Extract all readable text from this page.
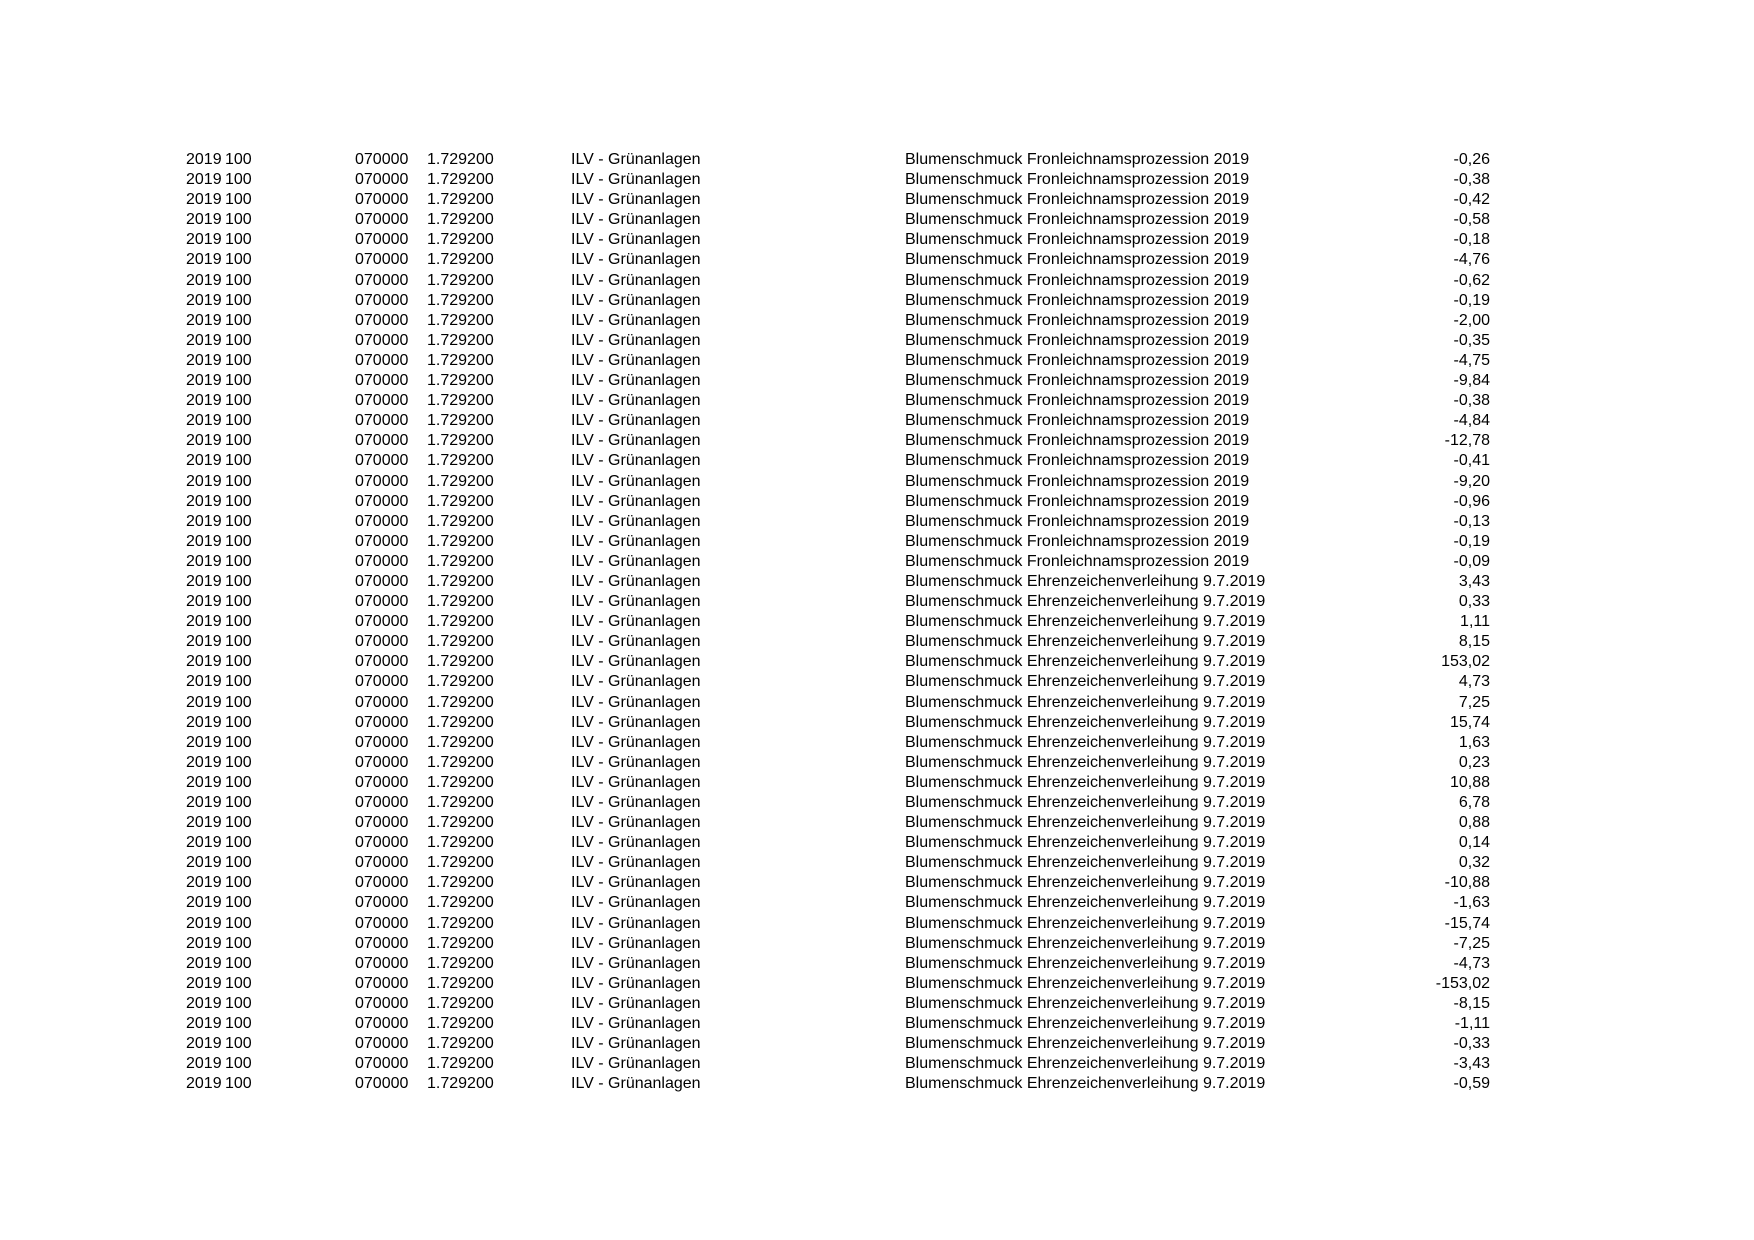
2019 100	070000 1.729200	ILV - Grünanlagen	Blumenschmuck Fronleichnamsprozession 2019	-0,26
2019 100	070000 1.729200	ILV - Grünanlagen	Blumenschmuck Fronleichnamsprozession 2019	-0,38
2019 100	070000 1.729200	ILV - Grünanlagen	Blumenschmuck Fronleichnamsprozession 2019	-0,42
2019 100	070000 1.729200	ILV - Grünanlagen	Blumenschmuck Fronleichnamsprozession 2019	-0,58
2019 100	070000 1.729200	ILV - Grünanlagen	Blumenschmuck Fronleichnamsprozession 2019	-0,18
2019 100	070000 1.729200	ILV - Grünanlagen	Blumenschmuck Fronleichnamsprozession 2019	-4,76
2019 100	070000 1.729200	ILV - Grünanlagen	Blumenschmuck Fronleichnamsprozession 2019	-0,62
2019 100	070000 1.729200	ILV - Grünanlagen	Blumenschmuck Fronleichnamsprozession 2019	-0,19
2019 100	070000 1.729200	ILV - Grünanlagen	Blumenschmuck Fronleichnamsprozession 2019	-2,00
2019 100	070000 1.729200	ILV - Grünanlagen	Blumenschmuck Fronleichnamsprozession 2019	-0,35
2019 100	070000 1.729200	ILV - Grünanlagen	Blumenschmuck Fronleichnamsprozession 2019	-4,75
2019 100	070000 1.729200	ILV - Grünanlagen	Blumenschmuck Fronleichnamsprozession 2019	-9,84
2019 100	070000 1.729200	ILV - Grünanlagen	Blumenschmuck Fronleichnamsprozession 2019	-0,38
2019 100	070000 1.729200	ILV - Grünanlagen	Blumenschmuck Fronleichnamsprozession 2019	-4,84
2019 100	070000 1.729200	ILV - Grünanlagen	Blumenschmuck Fronleichnamsprozession 2019	-12,78
2019 100	070000 1.729200	ILV - Grünanlagen	Blumenschmuck Fronleichnamsprozession 2019	-0,41
2019 100	070000 1.729200	ILV - Grünanlagen	Blumenschmuck Fronleichnamsprozession 2019	-9,20
2019 100	070000 1.729200	ILV - Grünanlagen	Blumenschmuck Fronleichnamsprozession 2019	-0,96
2019 100	070000 1.729200	ILV - Grünanlagen	Blumenschmuck Fronleichnamsprozession 2019	-0,13
2019 100	070000 1.729200	ILV - Grünanlagen	Blumenschmuck Fronleichnamsprozession 2019	-0,19
2019 100	070000 1.729200	ILV - Grünanlagen	Blumenschmuck Fronleichnamsprozession 2019	-0,09
2019 100	070000 1.729200	ILV - Grünanlagen	Blumenschmuck Ehrenzeichenverleihung 9.7.2019	3,43
2019 100	070000 1.729200	ILV - Grünanlagen	Blumenschmuck Ehrenzeichenverleihung 9.7.2019	0,33
2019 100	070000 1.729200	ILV - Grünanlagen	Blumenschmuck Ehrenzeichenverleihung 9.7.2019	1,11
2019 100	070000 1.729200	ILV - Grünanlagen	Blumenschmuck Ehrenzeichenverleihung 9.7.2019	8,15
2019 100	070000 1.729200	ILV - Grünanlagen	Blumenschmuck Ehrenzeichenverleihung 9.7.2019	153,02
2019 100	070000 1.729200	ILV - Grünanlagen	Blumenschmuck Ehrenzeichenverleihung 9.7.2019	4,73
2019 100	070000 1.729200	ILV - Grünanlagen	Blumenschmuck Ehrenzeichenverleihung 9.7.2019	7,25
2019 100	070000 1.729200	ILV - Grünanlagen	Blumenschmuck Ehrenzeichenverleihung 9.7.2019	15,74
2019 100	070000 1.729200	ILV - Grünanlagen	Blumenschmuck Ehrenzeichenverleihung 9.7.2019	1,63
2019 100	070000 1.729200	ILV - Grünanlagen	Blumenschmuck Ehrenzeichenverleihung 9.7.2019	0,23
2019 100	070000 1.729200	ILV - Grünanlagen	Blumenschmuck Ehrenzeichenverleihung 9.7.2019	10,88
2019 100	070000 1.729200	ILV - Grünanlagen	Blumenschmuck Ehrenzeichenverleihung 9.7.2019	6,78
2019 100	070000 1.729200	ILV - Grünanlagen	Blumenschmuck Ehrenzeichenverleihung 9.7.2019	0,88
2019 100	070000 1.729200	ILV - Grünanlagen	Blumenschmuck Ehrenzeichenverleihung 9.7.2019	0,14
2019 100	070000 1.729200	ILV - Grünanlagen	Blumenschmuck Ehrenzeichenverleihung 9.7.2019	0,32
2019 100	070000 1.729200	ILV - Grünanlagen	Blumenschmuck Ehrenzeichenverleihung 9.7.2019	-10,88
2019 100	070000 1.729200	ILV - Grünanlagen	Blumenschmuck Ehrenzeichenverleihung 9.7.2019	-1,63
2019 100	070000 1.729200	ILV - Grünanlagen	Blumenschmuck Ehrenzeichenverleihung 9.7.2019	-15,74
2019 100	070000 1.729200	ILV - Grünanlagen	Blumenschmuck Ehrenzeichenverleihung 9.7.2019	-7,25
2019 100	070000 1.729200	ILV - Grünanlagen	Blumenschmuck Ehrenzeichenverleihung 9.7.2019	-4,73
2019 100	070000 1.729200	ILV - Grünanlagen	Blumenschmuck Ehrenzeichenverleihung 9.7.2019	-153,02
2019 100	070000 1.729200	ILV - Grünanlagen	Blumenschmuck Ehrenzeichenverleihung 9.7.2019	-8,15
2019 100	070000 1.729200	ILV - Grünanlagen	Blumenschmuck Ehrenzeichenverleihung 9.7.2019	-1,11
2019 100	070000 1.729200	ILV - Grünanlagen	Blumenschmuck Ehrenzeichenverleihung 9.7.2019	-0,33
2019 100	070000 1.729200	ILV - Grünanlagen	Blumenschmuck Ehrenzeichenverleihung 9.7.2019	-3,43
2019 100	070000 1.729200	ILV - Grünanlagen	Blumenschmuck Ehrenzeichenverleihung 9.7.2019	-0,59
